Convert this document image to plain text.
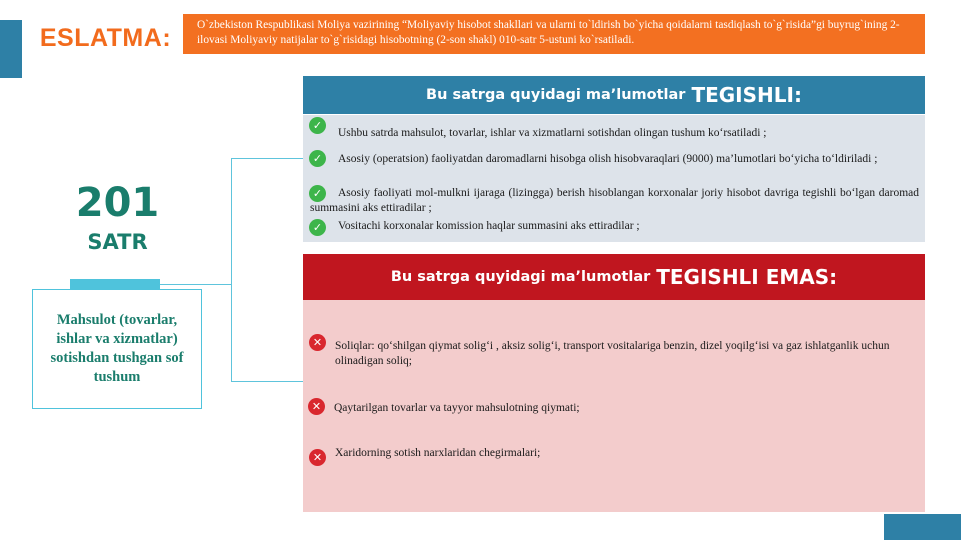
ESLATMA:	O`zbekiston Respublikasi Moliya vazirining “Moliyaviy hisobot shakllari va ularni to`ldirish bo`yicha qoidalarni tasdiqlash to`g`risida”gi buyrug`ining 2-ilovasi Moliyaviy natijalar to`g`risidagi hisobotning (2-son shakl) 010-satr 5-ustuni ko`rsatiladi.
201
SATR
Mahsulot (tovarlar, ishlar va xizmatlar) sotishdan tushgan sof tushum
Bu satrga quyidagi ma’lumotlar TEGISHLI:
✓
Ushbu satrda mahsulot, tovarlar, ishlar va xizmatlarni sotishdan olingan tushum ko‘rsatiladi ;
✓	Asosiy (operatsion) faoliyatdan daromadlarni hisobga olish hisobvaraqlari (9000) ma’lumotlari bo‘yicha to‘ldiriladi ;
✓	Asosiy faoliyati mol-mulkni ijaraga (lizingga) berish hisoblangan korxonalar joriy hisobot davriga tegishli bo‘lgan daromad summasini aks ettiradilar ;
✓	Vositachi korxonalar komission haqlar summasini aks ettiradilar ;
Bu satrga quyidagi ma’lumotlar TEGISHLI EMAS:
✕	Soliqlar: qo‘shilgan qiymat solig‘i , aksiz solig‘i, transport vositalariga benzin, dizel yoqilg‘isi va gaz ishlatganlik uchun olinadigan soliq;
✕	Qaytarilgan tovarlar va tayyor mahsulotning qiymati;
✕	Xaridorning sotish narxlaridan chegirmalari;
